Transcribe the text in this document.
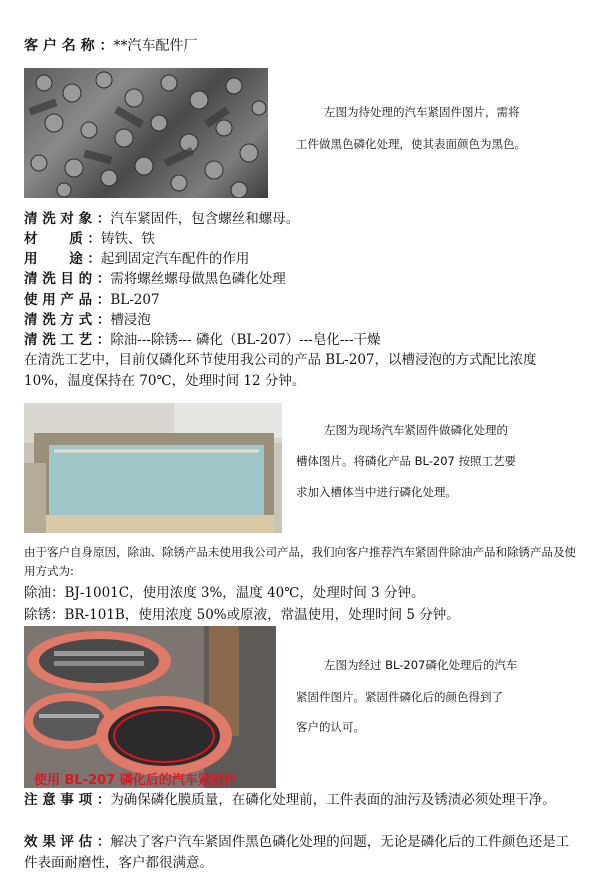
客 户 名 称 ：**汽车配件厂
左图为待处理的汽车紧固件图片，需将
工件做黑色磷化处理，使其表面颜色为黑色。
清 洗 对 象 ：汽车紧固件，包含螺丝和螺母。
材　　 质 ：铸铁、铁
用　　 途 ：起到固定汽车配件的作用
清 洗 目 的 ：需将螺丝螺母做黑色磷化处理
使 用 产 品 ：BL-207
清 洗 方 式 ：槽浸泡
清 洗 工 艺 ：除油---除锈--- 磷化（BL-207）---皂化---干燥
在清洗工艺中，目前仅磷化环节使用我公司的产品 BL-207，以槽浸泡的方式配比浓度 10%，温度保持在 70℃，处理时间 12 分钟。
左图为现场汽车紧固件做磷化处理的
槽体图片。将磷化产品 BL-207 按照工艺要
求加入槽体当中进行磷化处理。
由于客户自身原因，除油、除锈产品未使用我公司产品，我们向客户推荐汽车紧固件除油产品和除锈产品及使用方式为:
除油：BJ-1001C，使用浓度 3%，温度 40℃，处理时间 3 分钟。
除锈：BR-101B，使用浓度 50%或原液，常温使用，处理时间 5 分钟。
使用 BL-207 磷化后的汽车紧固件
左图为经过 BL-207磷化处理后的汽车
紧固件图片。紧固件磷化后的颜色得到了
客户的认可。
注 意 事 项 ：为确保磷化膜质量，在磷化处理前，工件表面的油污及锈渍必须处理干净。
效 果 评 估 ：解决了客户汽车紧固件黑色磷化处理的问题，无论是磷化后的工件颜色还是工件表面耐磨性，客户都很满意。
